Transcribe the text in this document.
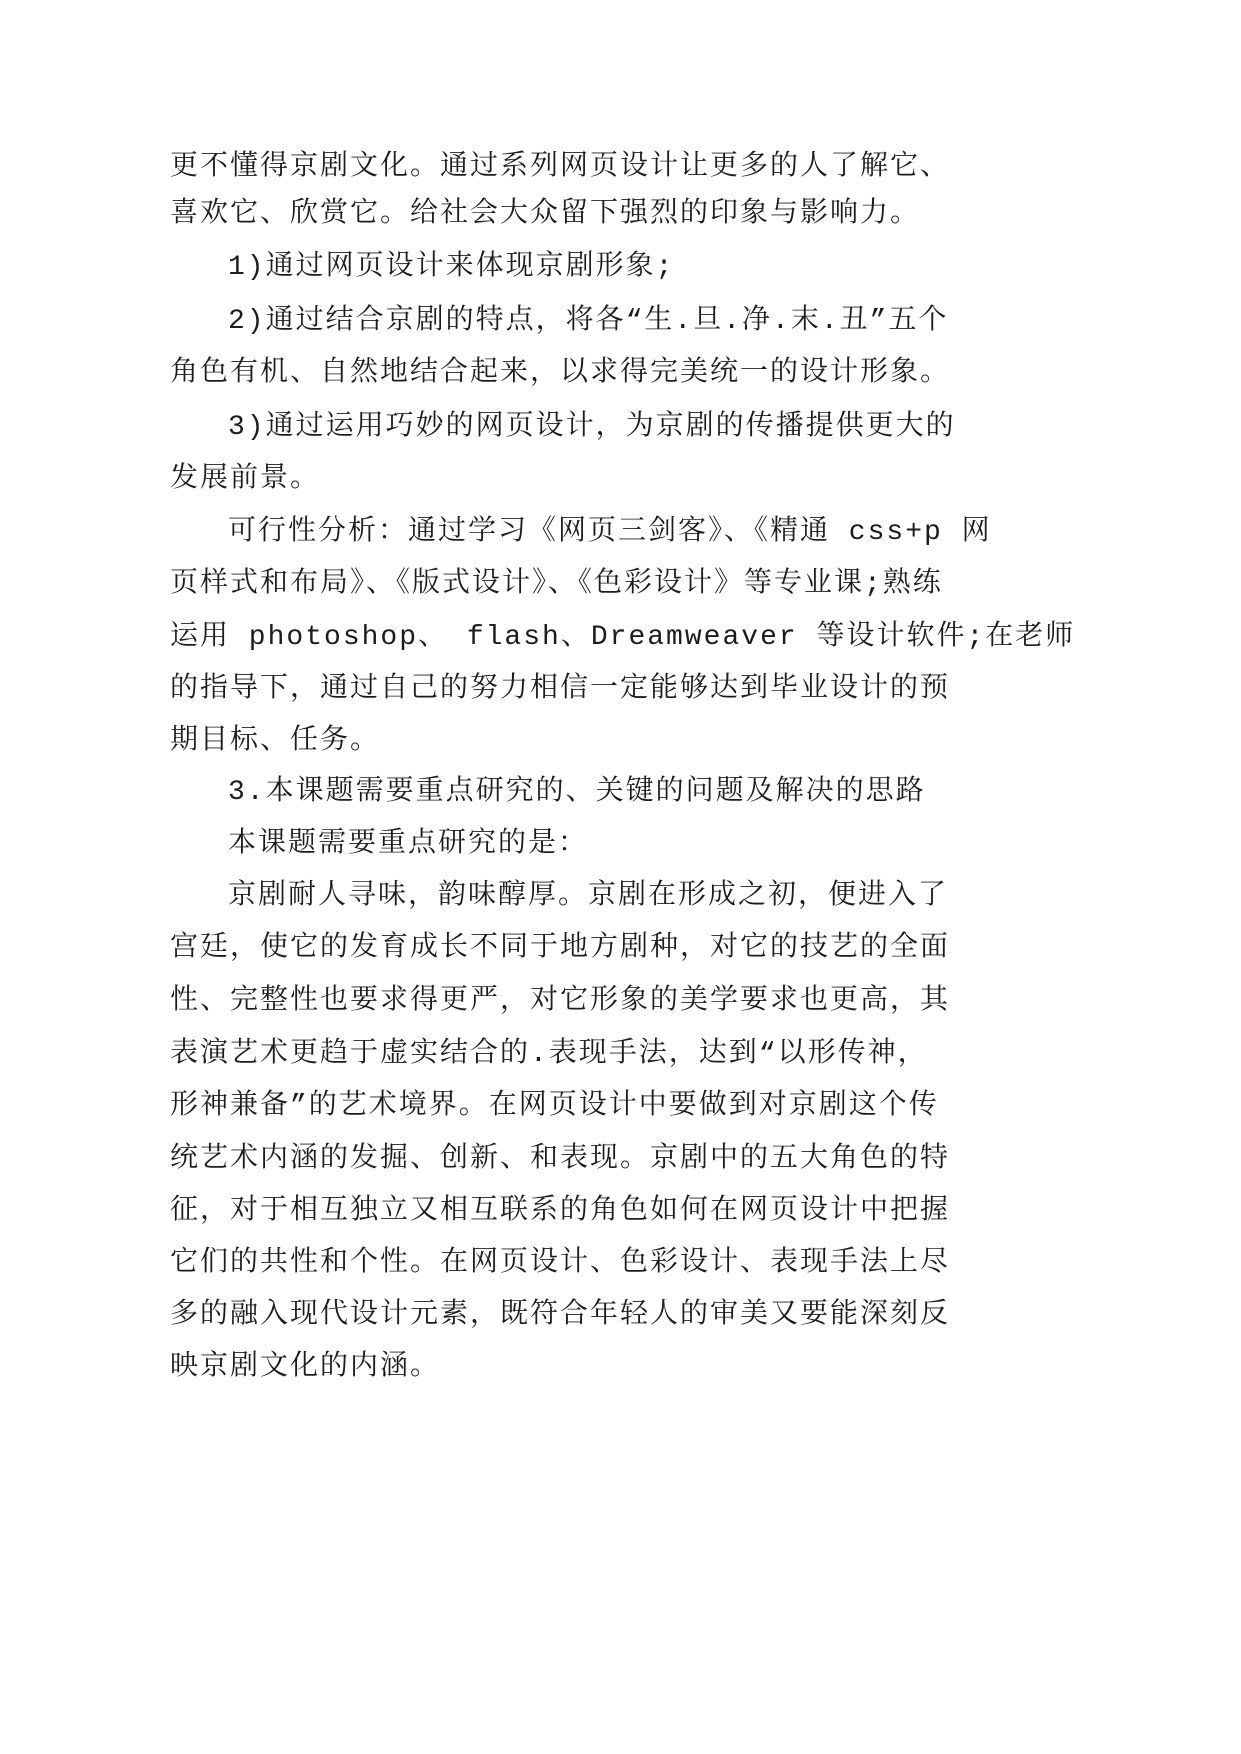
更不懂得京剧文化。通过系列网页设计让更多的人了解它、
喜欢它、欣赏它。给社会大众留下强烈的印象与影响力。
1)通过网页设计来体现京剧形象;
2)通过结合京剧的特点，将各“生.旦.净.末.丑”五个
角色有机、自然地结合起来，以求得完美统一的设计形象。
3)通过运用巧妙的网页设计，为京剧的传播提供更大的
发展前景。
可行性分析：通过学习《网页三剑客》、《精通 css+p 网
页样式和布局》、《版式设计》、《色彩设计》等专业课;熟练
运用 photoshop、 flash、Dreamweaver 等设计软件;在老师
的指导下，通过自己的努力相信一定能够达到毕业设计的预
期目标、任务。
3.本课题需要重点研究的、关键的问题及解决的思路
本课题需要重点研究的是：
京剧耐人寻味，韵味醇厚。京剧在形成之初，便进入了
宫廷，使它的发育成长不同于地方剧种，对它的技艺的全面
性、完整性也要求得更严，对它形象的美学要求也更高，其
表演艺术更趋于虚实结合的.表现手法，达到“以形传神，
形神兼备”的艺术境界。在网页设计中要做到对京剧这个传
统艺术内涵的发掘、创新、和表现。京剧中的五大角色的特
征，对于相互独立又相互联系的角色如何在网页设计中把握
它们的共性和个性。在网页设计、色彩设计、表现手法上尽
多的融入现代设计元素，既符合年轻人的审美又要能深刻反
映京剧文化的内涵。
